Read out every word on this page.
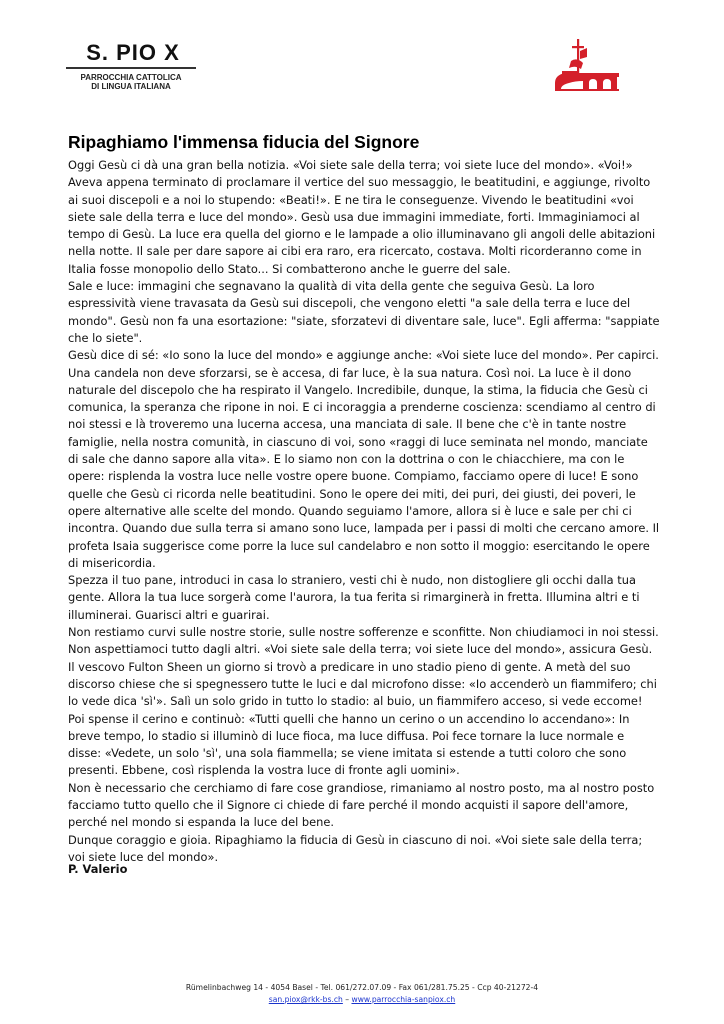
S. PIO X
PARROCCHIA CATTOLICA
DI LINGUA ITALIANA
Ripaghiamo l'immensa fiducia del Signore

Oggi Gesù ci dà una gran bella notizia. «Voi siete sale della terra; voi siete luce del mondo». «Voi!» Aveva appena terminato di proclamare il vertice del suo messaggio, le beatitudini, e aggiunge, rivolto ai suoi discepoli e a noi lo stupendo: «Beati!». E ne tira le conseguenze. Vivendo le beatitudini «voi siete sale della terra e luce del mondo». Gesù usa due immagini immediate, forti. Immaginiamoci al tempo di Gesù. La luce era quella del giorno e le lampade a olio illuminavano gli angoli delle abitazioni nella notte. Il sale per dare sapore ai cibi era raro, era ricercato, costava. Molti ricorderanno come in Italia fosse monopolio dello Stato... Si combatterono anche le guerre del sale.

Sale e luce: immagini che segnavano la qualità di vita della gente che seguiva Gesù. La loro espressività viene travasata da Gesù sui discepoli, che vengono eletti "a sale della terra e luce del mondo". Gesù non fa una esortazione: "siate, sforzatevi di diventare sale, luce". Egli afferma: "sappiate che lo siete".

Gesù dice di sé: «Io sono la luce del mondo» e aggiunge anche: «Voi siete luce del mondo». Per capirci. Una candela non deve sforzarsi, se è accesa, di far luce, è la sua natura. Così noi. La luce è il dono naturale del discepolo che ha respirato il Vangelo. Incredibile, dunque, la stima, la fiducia che Gesù ci comunica, la speranza che ripone in noi. E ci incoraggia a prenderne coscienza: scendiamo al centro di noi stessi e là troveremo una lucerna accesa, una manciata di sale. Il bene che c'è in tante nostre famiglie, nella nostra comunità, in ciascuno di voi, sono «raggi di luce seminata nel mondo, manciate di sale che danno sapore alla vita». E lo siamo non con la dottrina o con le chiacchiere, ma con le opere: risplenda la vostra luce nelle vostre opere buone. Compiamo, facciamo opere di luce! E sono quelle che Gesù ci ricorda nelle beatitudini. Sono le opere dei miti, dei puri, dei giusti, dei poveri, le opere alternative alle scelte del mondo. Quando seguiamo l'amore, allora si è luce e sale per chi ci incontra. Quando due sulla terra si amano sono luce, lampada per i passi di molti che cercano amore. Il profeta Isaia suggerisce come porre la luce sul candelabro e non sotto il moggio: esercitando le opere di misericordia.

Spezza il tuo pane, introduci in casa lo straniero, vesti chi è nudo, non distogliere gli occhi dalla tua gente. Allora la tua luce sorgerà come l'aurora, la tua ferita si rimarginerà in fretta. Illumina altri e ti illuminerai. Guarisci altri e guarirai.

Non restiamo curvi sulle nostre storie, sulle nostre sofferenze e sconfitte. Non chiudiamoci in noi stessi. Non aspettiamoci tutto dagli altri. «Voi siete sale della terra; voi siete luce del mondo», assicura Gesù.

Il vescovo Fulton Sheen un giorno si trovò a predicare in uno stadio pieno di gente. A metà del suo discorso chiese che si spegnessero tutte le luci e dal microfono disse: «Io accenderò un fiammifero; chi lo vede dica 'sì'». Salì un solo grido in tutto lo stadio: al buio, un fiammifero acceso, si vede eccome! Poi spense il cerino e continuò: «Tutti quelli che hanno un cerino o un accendino lo accendano»: In breve tempo, lo stadio si illuminò di luce fioca, ma luce diffusa. Poi fece tornare la luce normale e disse: «Vedete, un solo 'sì', una sola fiammella; se viene imitata si estende a tutti coloro che sono presenti. Ebbene, così risplenda la vostra luce di fronte agli uomini».

Non è necessario che cerchiamo di fare cose grandiose, rimaniamo al nostro posto, ma al nostro posto facciamo tutto quello che il Signore ci chiede di fare perché il mondo acquisti il sapore dell'amore, perché nel mondo si espanda la luce del bene.

Dunque coraggio e gioia. Ripaghiamo la fiducia di Gesù in ciascuno di noi. «Voi siete sale della terra; voi siete luce del mondo».

P. Valerio
Rümelinbachweg 14 - 4054 Basel - Tel. 061/272.07.09 - Fax 061/281.75.25 - Ccp 40-21272-4
san.piox@rkk-bs.ch – www.parrocchia-sanpiox.ch
